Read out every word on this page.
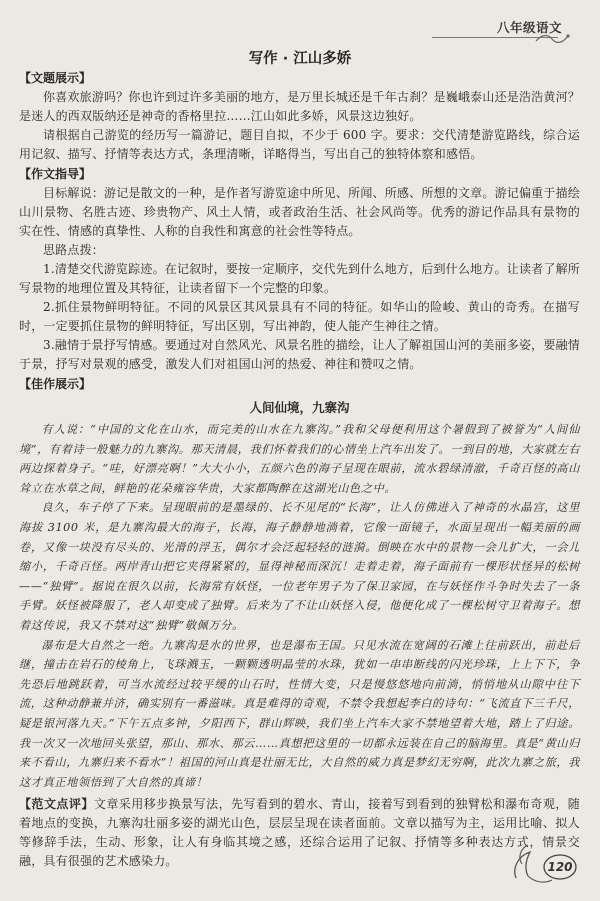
八年级语文
写作 · 江山多娇
【文题展示】

你喜欢旅游吗？你也许到过许多美丽的地方，是万里长城还是千年古刹？是巍峨泰山还是浩浩黄河？是迷人的西双版纳还是神奇的香格里拉……江山如此多娇，风景这边独好。

请根据自己游览的经历写一篇游记，题目自拟，不少于 600 字。要求：交代清楚游览路线，综合运用记叙、描写、抒情等表达方式，条理清晰，详略得当，写出自己的独特体察和感悟。

【作文指导】

目标解说：游记是散文的一种，是作者写游览途中所见、所闻、所感、所想的文章。游记偏重于描绘山川景物、名胜古迹、珍贵物产、风土人情，或者政治生活、社会风尚等。优秀的游记作品具有景物的实在性、情感的真挚性、人称的自我性和寓意的社会性等特点。

思路点拨：

1.清楚交代游览踪迹。在记叙时，要按一定顺序，交代先到什么地方，后到什么地方。让读者了解所写景物的地理位置及其特征，让读者留下一个完整的印象。

2.抓住景物鲜明特征。不同的风景区其风景具有不同的特征。如华山的险峻、黄山的奇秀。在描写时，一定要抓住景物的鲜明特征，写出区别，写出神韵，使人能产生神往之情。

3.融情于景抒写情感。要通过对自然风光、风景名胜的描绘，让人了解祖国山河的美丽多姿，要融情于景，抒写对景观的感受，激发人们对祖国山河的热爱、神往和赞叹之情。

【佳作展示】
人间仙境，九寨沟

有人说：“中国的文化在山水，而完美的山水在九寨沟。”我和父母便利用这个暑假到了被誉为“人间仙境”，有着诗一般魅力的九寨沟。那天清晨，我们怀着我们的心情坐上汽车出发了。一到目的地，大家就左右两边探着身子。“哇，好漂亮啊！”大大小小，五颜六色的海子呈现在眼前，流水碧绿清澈，千奇百怪的高山耸立在水草之间，鲜艳的花朵雍容华贵，大家都陶醉在这湖光山色之中。

良久，车子停了下来。呈现眼前的是墨绿的、长不见尾的“长海”，让人仿佛进入了神奇的水晶宫，这里海拔 3100 米，是九寨沟最大的海子，长海，海子静静地淌着，它像一面镜子，水面呈现出一幅美丽的画卷，又像一块没有尽头的、光滑的浮玉，偶尔才会泛起轻轻的涟漪。倒映在水中的景物一会儿扩大，一会儿缩小，千奇百怪。两岸青山把它夹得紧紧的，显得神秘而深沉！走着走着，海子面前有一棵形状怪异的松树——“独臂”。据说在很久以前，长海常有妖怪，一位老年男子为了保卫家园，在与妖怪作斗争时失去了一条手臂。妖怪被降服了，老人却变成了独臂。后来为了不让山妖怪入侵，他便化成了一棵松树守卫着海子。想着这传说，我又不禁对这“独臂”敬佩万分。

瀑布是大自然之一绝。九寨沟是水的世界，也是瀑布王国。只见水流在宽阔的石滩上往前跃出，前赴后继，撞击在岩石的棱角上，飞珠溅玉，一颗颗透明晶莹的水珠，犹如一串串断线的闪光珍珠，上上下下，争先恐后地跳跃着，可当水流经过较平缓的山石时，性情大变，只是慢悠悠地向前淌，悄悄地从山隙中往下流，这种动静兼并济，确实别有一番滋味。真是难得的奇观，不禁令我想起李白的诗句：“飞流直下三千尺，疑是银河落九天。”下午五点多钟，夕阳西下，群山辉映，我们坐上汽车大家不禁地望着大地，踏上了归途。我一次又一次地回头张望，那山、那水、那云……真想把这里的一切都永远装在自己的脑海里。真是“黄山归来不看山，九寨归来不看水”！祖国的河山真是壮丽无比，大自然的威力真是梦幻无穷啊，此次九寨之旅，我这才真正地领悟到了大自然的真谛！

【范文点评】文章采用移步换景写法，先写看到的碧水、青山，接着写到看到的独臂松和瀑布奇观，随着地点的变换，九寨沟壮丽多姿的湖光山色，层层呈现在读者面前。文章以描写为主，运用比喻、拟人等修辞手法，生动、形象，让人有身临其境之感，还综合运用了记叙、抒情等多种表达方式，情景交融，具有很强的艺术感染力。	120
